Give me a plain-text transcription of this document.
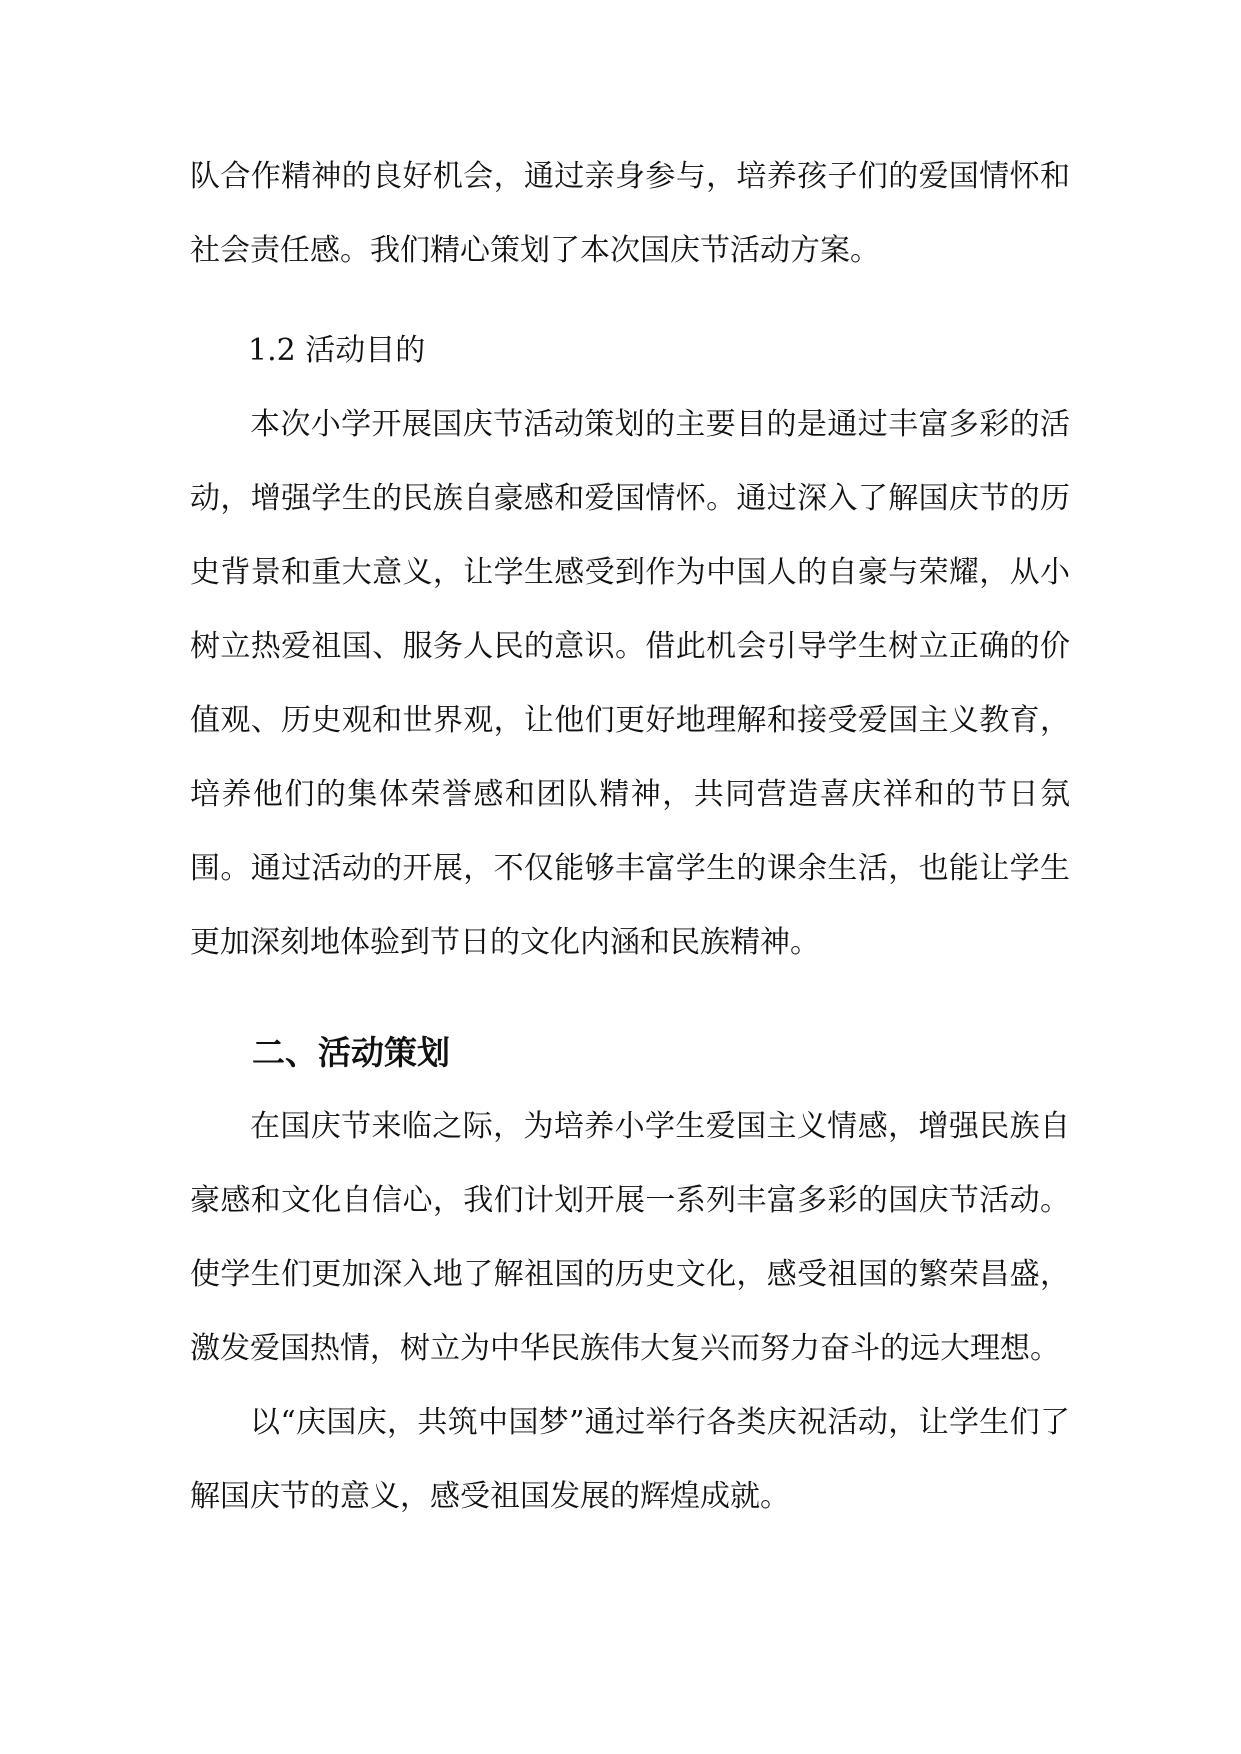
队合作精神的良好机会，通过亲身参与，培养孩子们的爱国情怀和社会责任感。我们精心策划了本次国庆节活动方案。

1.2 活动目的

本次小学开展国庆节活动策划的主要目的是通过丰富多彩的活动，增强学生的民族自豪感和爱国情怀。通过深入了解国庆节的历史背景和重大意义，让学生感受到作为中国人的自豪与荣耀，从小树立热爱祖国、服务人民的意识。借此机会引导学生树立正确的价值观、历史观和世界观，让他们更好地理解和接受爱国主义教育，培养他们的集体荣誉感和团队精神，共同营造喜庆祥和的节日氛围。通过活动的开展，不仅能够丰富学生的课余生活，也能让学生更加深刻地体验到节日的文化内涵和民族精神。

二、活动策划

在国庆节来临之际，为培养小学生爱国主义情感，增强民族自豪感和文化自信心，我们计划开展一系列丰富多彩的国庆节活动。使学生们更加深入地了解祖国的历史文化，感受祖国的繁荣昌盛，激发爱国热情，树立为中华民族伟大复兴而努力奋斗的远大理想。

以“庆国庆，共筑中国梦”通过举行各类庆祝活动，让学生们了解国庆节的意义，感受祖国发展的辉煌成就。
